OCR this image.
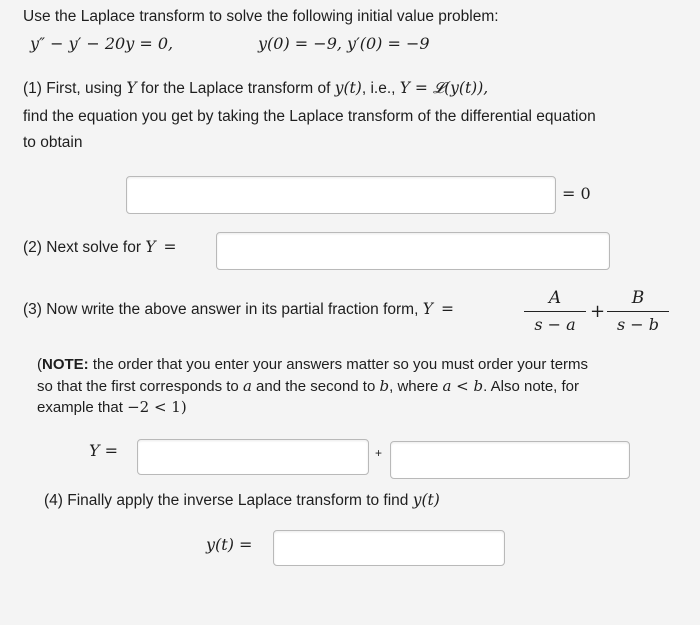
Use the Laplace transform to solve the following initial value problem:
y″ − y′ − 20y = 0,	y(0) = −9, y′(0) = −9
(1) First, using Y for the Laplace transform of y(t), i.e., Y = 𝓛(y(t)),
find the equation you get by taking the Laplace transform of the differential equation
to obtain
= 0
(2) Next solve for Y =
(3) Now write the above answer in its partial fraction form, Y =
A
s − a
+
B
s − b
(NOTE: the order that you enter your answers matter so you must order your terms
so that the first corresponds to a and the second to b, where a < b. Also note, for
example that −2 < 1)
Y =	+
(4) Finally apply the inverse Laplace transform to find y(t)
y(t) =
